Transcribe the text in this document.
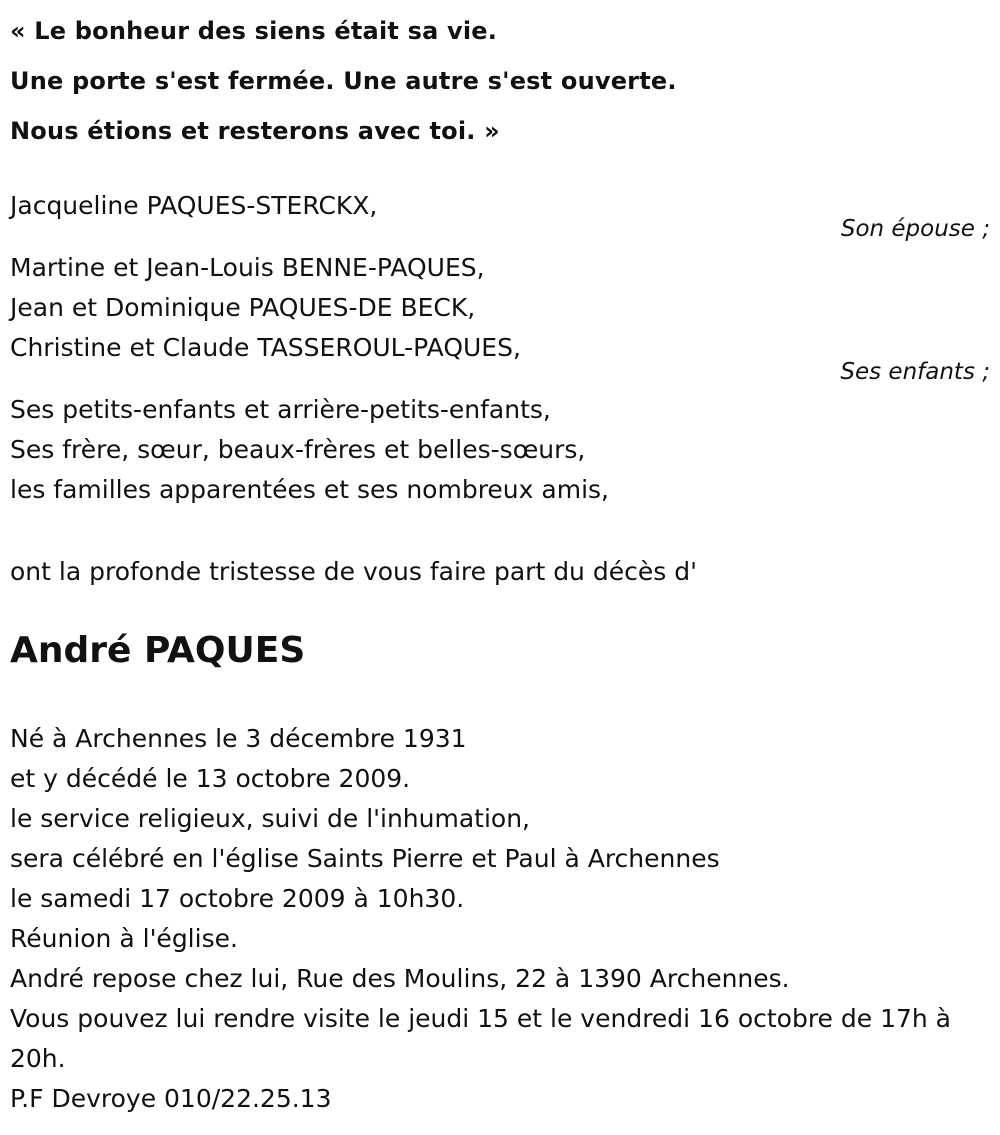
« Le bonheur des siens était sa vie.
Une porte s'est fermée. Une autre s'est ouverte.
Nous étions et resterons avec toi. »

Jacqueline PAQUES-STERCKX,

Son épouse ;

Martine et Jean-Louis BENNE-PAQUES,

Jean et Dominique PAQUES-DE BECK,

Christine et Claude TASSEROUL-PAQUES,

Ses enfants ;

Ses petits-enfants et arrière-petits-enfants,

Ses frère, sœur, beaux-frères et belles-sœurs,

les familles apparentées et ses nombreux amis,

ont la profonde tristesse de vous faire part du décès d'

André PAQUES
Né à Archennes le 3 décembre 1931
et y décédé le 13 octobre 2009.
le service religieux, suivi de l'inhumation,
sera célébré en l'église Saints Pierre et Paul à Archennes
le samedi 17 octobre 2009 à 10h30.
Réunion à l'église.
André repose chez lui, Rue des Moulins, 22 à 1390 Archennes.
Vous pouvez lui rendre visite le jeudi 15 et le vendredi 16 octobre de 17h à
20h.
P.F Devroye 010/22.25.13
